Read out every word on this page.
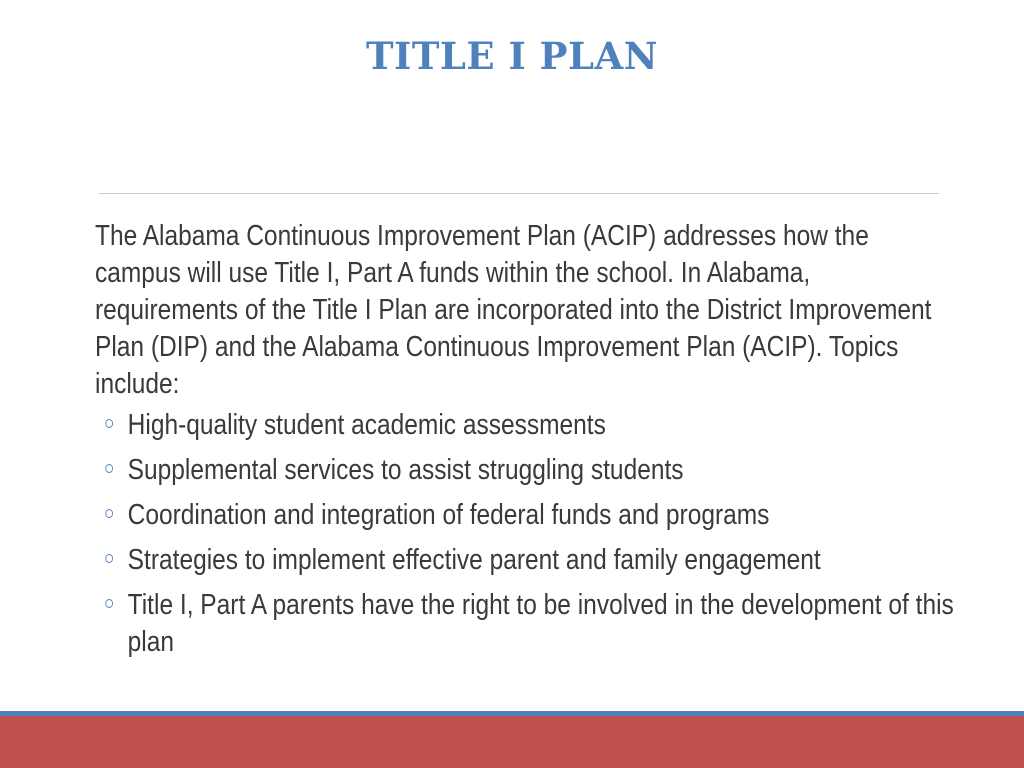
TITLE I PLAN

The Alabama Continuous Improvement Plan (ACIP) addresses how the campus will use Title I, Part A funds within the school. In Alabama, requirements of the Title I Plan are incorporated into the District Improvement Plan (DIP) and the Alabama Continuous Improvement Plan (ACIP). Topics include:

High-quality student academic assessments
Supplemental services to assist struggling students
Coordination and integration of federal funds and programs
Strategies to implement effective parent and family engagement
Title I, Part A parents have the right to be involved in the development of this plan
